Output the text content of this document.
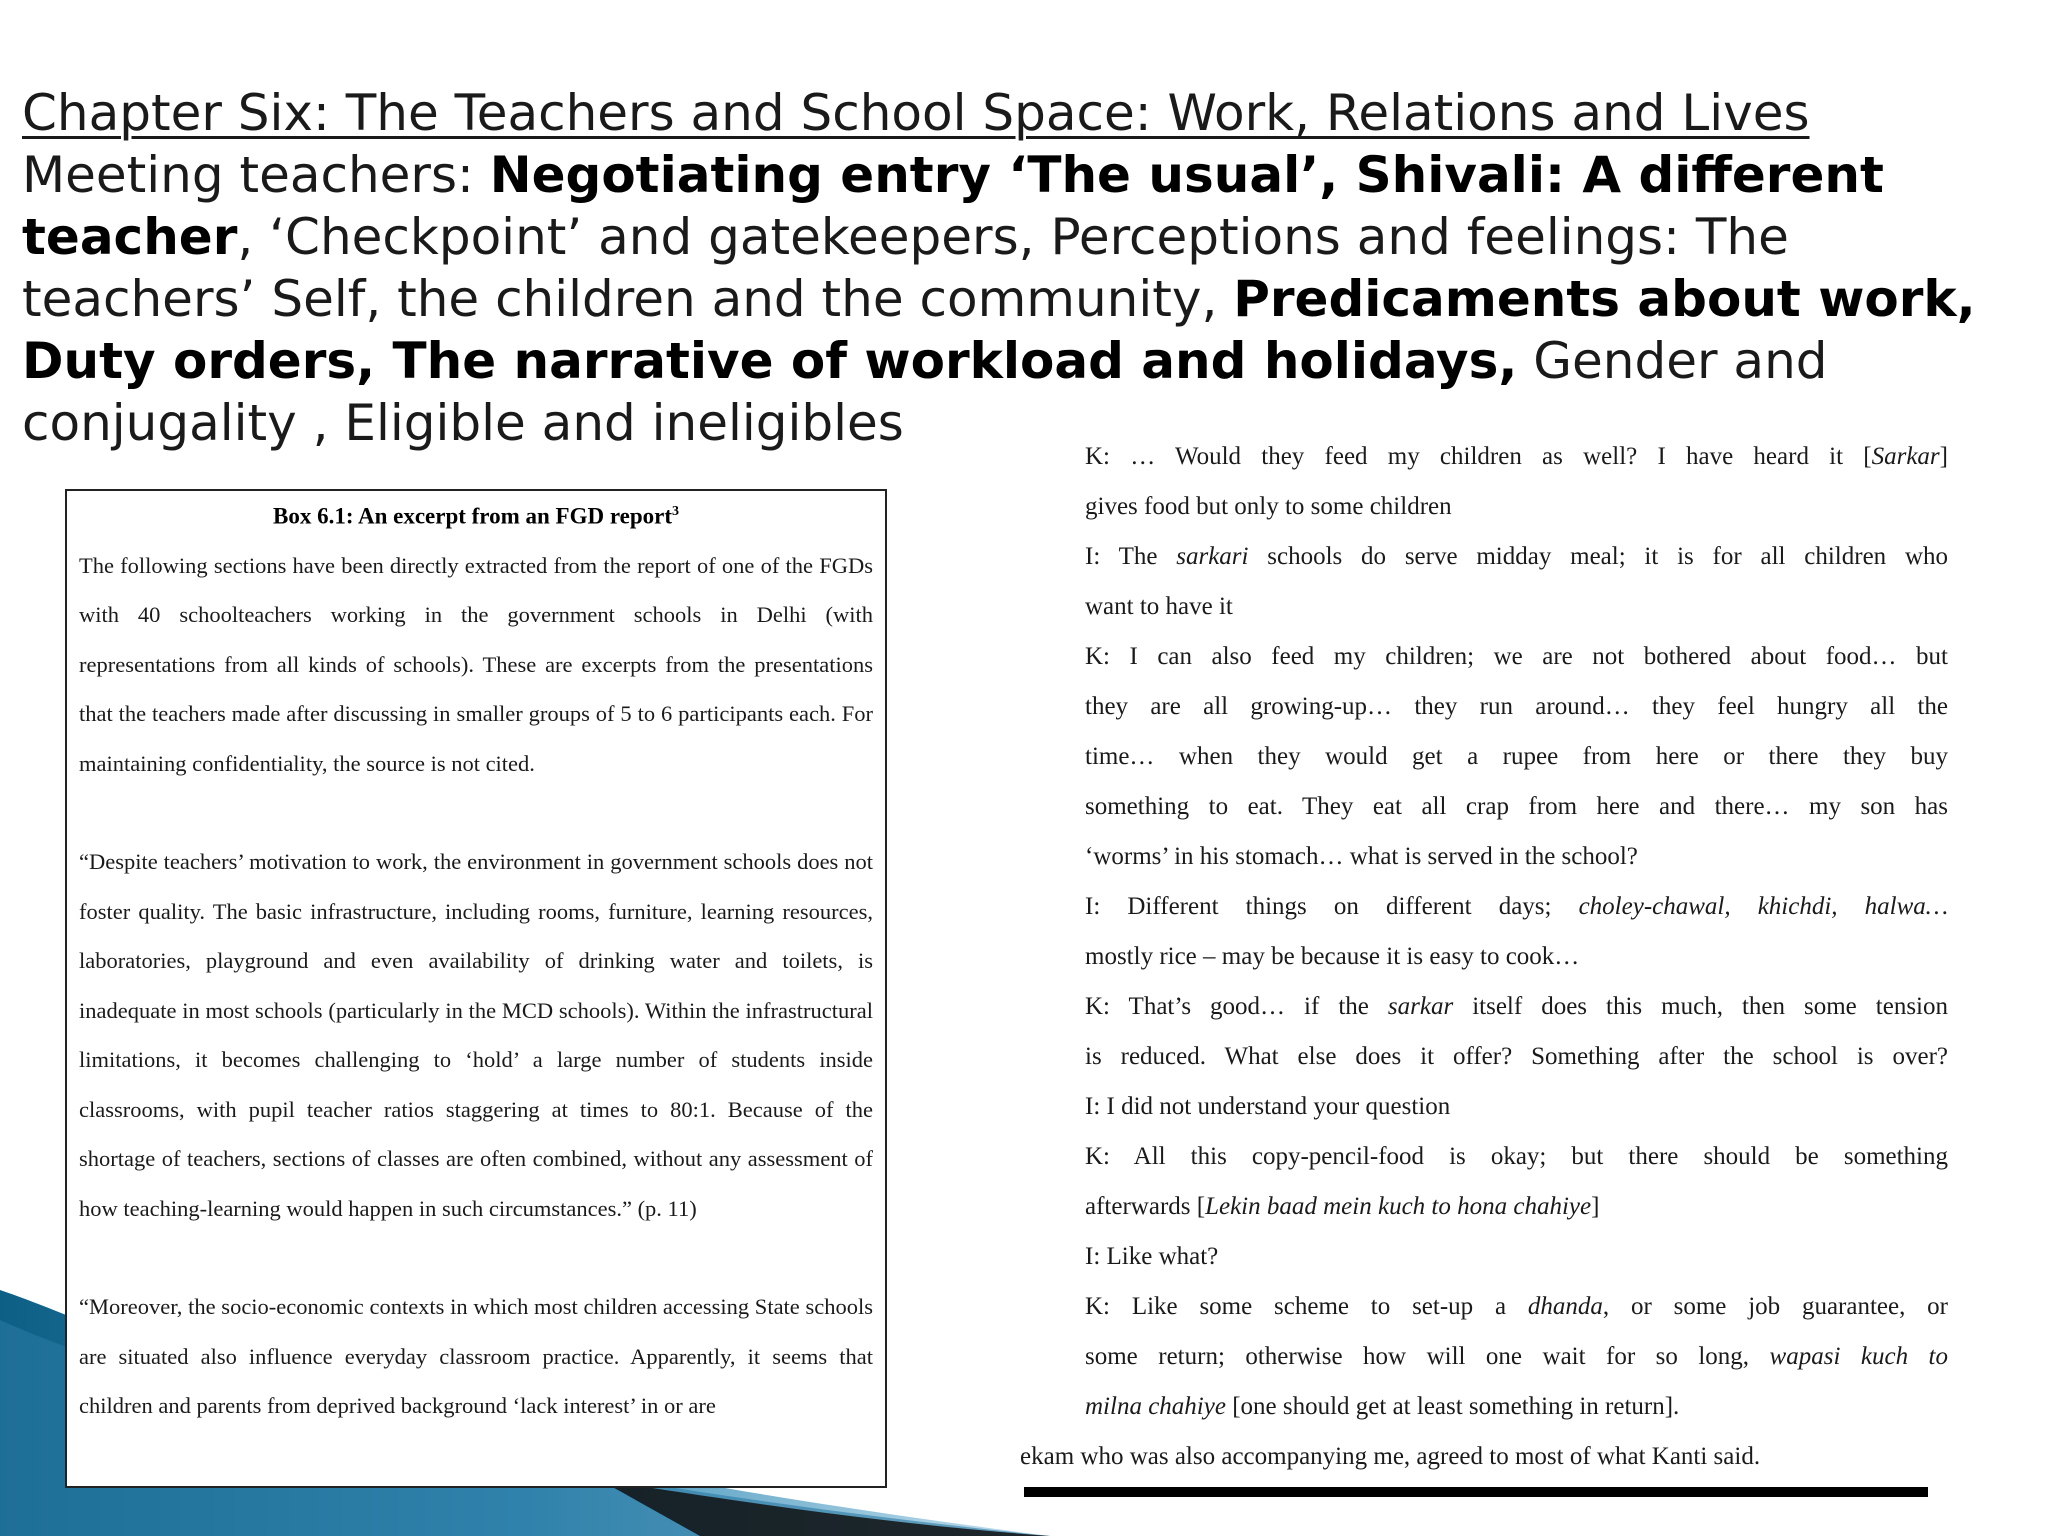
Chapter Six: The Teachers and School Space: Work, Relations and Lives
Meeting teachers: Negotiating entry ‘The usual’, Shivali: A different teacher, ‘Checkpoint’ and gatekeepers, Perceptions and feelings: The teachers’ Self, the children and the community, Predicaments about work, Duty orders, The narrative of workload and holidays, Gender and conjugality , Eligible and ineligibles
Box 6.1: An excerpt from an FGD report$^3$

The following sections have been directly extracted from the report of one of the FGDs with 40 schoolteachers working in the government schools in Delhi (with representations from all kinds of schools). These are excerpts from the presentations that the teachers made after discussing in smaller groups of 5 to 6 participants each. For maintaining confidentiality, the source is not cited.

“Despite teachers’ motivation to work, the environment in government schools does not foster quality. The basic infrastructure, including rooms, furniture, learning resources, laboratories, playground and even availability of drinking water and toilets, is inadequate in most schools (particularly in the MCD schools). Within the infrastructural limitations, it becomes challenging to ‘hold’ a large number of students inside classrooms, with pupil teacher ratios staggering at times to 80:1. Because of the shortage of teachers, sections of classes are often combined, without any assessment of how teaching-learning would happen in such circumstances.” (p. 11)

“Moreover, the socio-economic contexts in which most children accessing State schools are situated also influence everyday classroom practice. Apparently, it seems that children and parents from deprived background ‘lack interest’ in or are

K: … Would they feed my children as well? I have heard it [Sarkar]
gives food but only to some children
I: The sarkari schools do serve midday meal; it is for all children who
want to have it
K: I can also feed my children; we are not bothered about food… but
they are all growing-up… they run around… they feel hungry all the
time… when they would get a rupee from here or there they buy
something to eat. They eat all crap from here and there… my son has
‘worms’ in his stomach… what is served in the school?
I: Different things on different days; choley-chawal, khichdi, halwa…
mostly rice – may be because it is easy to cook…
K: That’s good… if the sarkar itself does this much, then some tension
is reduced. What else does it offer? Something after the school is over?
I: I did not understand your question
K: All this copy-pencil-food is okay; but there should be something
afterwards [Lekin baad mein kuch to hona chahiye]
I: Like what?
K: Like some scheme to set-up a dhanda, or some job guarantee, or
some return; otherwise how will one wait for so long, wapasi kuch to
milna chahiye [one should get at least something in return].
еkam who was also accompanying me, agreed to most of what Kanti said.
